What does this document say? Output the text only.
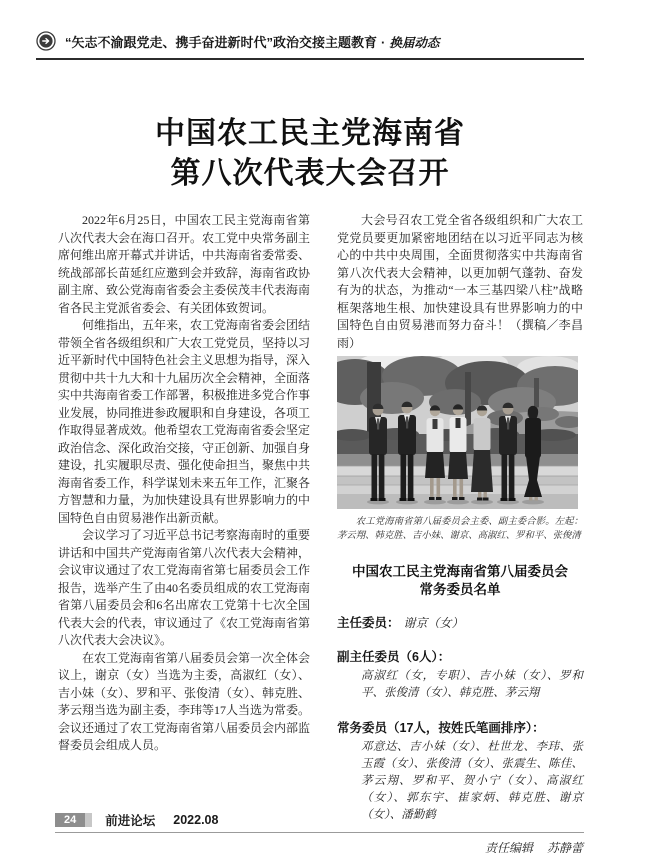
“矢志不渝跟党走、携手奋进新时代”政治交接主题教育 · 换届动态
中国农工民主党海南省
第八次代表大会召开

2022年6月25日，中国农工民主党海南省第八次代表大会在海口召开。农工党中央常务副主席何维出席开幕式并讲话，中共海南省委常委、统战部部长苗延红应邀到会并致辞，海南省政协副主席、致公党海南省委会主委侯茂丰代表海南省各民主党派省委会、有关团体致贺词。

何维指出，五年来，农工党海南省委会团结带领全省各级组织和广大农工党党员，坚持以习近平新时代中国特色社会主义思想为指导，深入贯彻中共十九大和十九届历次全会精神，全面落实中共海南省委工作部署，积极推进多党合作事业发展，协同推进参政履职和自身建设，各项工作取得显著成效。他希望农工党海南省委会坚定政治信念、深化政治交接，守正创新、加强自身建设，扎实履职尽责、强化使命担当，聚焦中共海南省委工作，科学谋划未来五年工作，汇聚各方智慧和力量，为加快建设具有世界影响力的中国特色自由贸易港作出新贡献。

会议学习了习近平总书记考察海南时的重要讲话和中国共产党海南省第八次代表大会精神，会议审议通过了农工党海南省第七届委员会工作报告，选举产生了由40名委员组成的农工党海南省第八届委员会和6名出席农工党第十七次全国代表大会的代表，审议通过了《农工党海南省第八次代表大会决议》。

在农工党海南省第八届委员会第一次全体会议上，谢京（女）当选为主委，高淑红（女）、吉小妹（女）、罗和平、张俊清（女）、韩克胜、茅云翔当选为副主委，李玮等17人当选为常委。会议还通过了农工党海南省第八届委员会内部监督委员会组成人员。

大会号召农工党全省各级组织和广大农工党党员要更加紧密地团结在以习近平同志为核心的中共中央周围，全面贯彻落实中共海南省第八次代表大会精神，以更加朝气蓬勃、奋发有为的状态，为推动“一本三基四梁八柱”战略框架落地生根、加快建设具有世界影响力的中国特色自由贸易港而努力奋斗！（撰稿／李昌雨）

农工党海南省第八届委员会主委、副主委合影。左起：茅云翔、韩克胜、吉小妹、谢京、高淑红、罗和平、张俊清
中国农工民主党海南省第八届委员会
常务委员名单

主任委员： 谢京（女）

副主任委员（6人）：

高淑红（女，专职）、吉小妹（女）、罗和平、张俊清（女）、韩克胜、茅云翔

常务委员（17人，按姓氏笔画排序）：

邓意达、吉小妹（女）、杜世龙、李玮、张玉霞（女）、张俊清（女）、张震生、陈佳、茅云翔、罗和平、贺小宁（女）、高淑红（女）、郭东宇、崔家炳、韩克胜、谢京（女）、潘勤鹤

责任编辑 苏静蕾

24	前进论坛 2022.08
